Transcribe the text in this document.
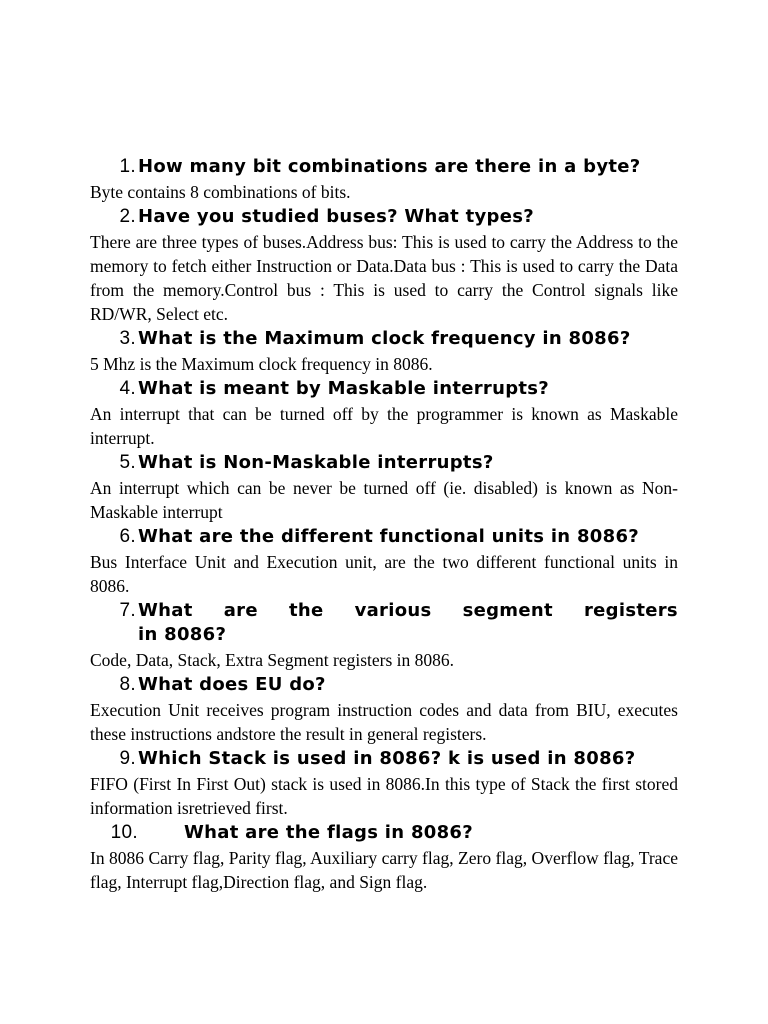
1. How many bit combinations are there in a byte?

Byte contains 8 combinations of bits.

2. Have you studied buses? What types?

There are three types of buses.Address bus: This is used to carry the Address to the memory to fetch either Instruction or Data.Data bus : This is used to carry the Data from the memory.Control bus : This is used to carry the Control signals like RD/WR, Select etc.

3. What is the Maximum clock frequency in 8086?

5 Mhz is the Maximum clock frequency in 8086.

4. What is meant by Maskable interrupts?

An interrupt that can be turned off by the programmer is known as Maskable interrupt.

5. What is Non-Maskable interrupts?

An interrupt which can be never be turned off (ie. disabled) is known as Non-Maskable interrupt

6. What are the different functional units in 8086?

Bus Interface Unit and Execution unit, are the two different functional units in 8086.

7. What are the various segment registers
in 8086?

Code, Data, Stack, Extra Segment registers in 8086.

8. What does EU do?

Execution Unit receives program instruction codes and data from BIU, executes these instructions andstore the result in general registers.

9. Which Stack is used in 8086? k is used in 8086?

FIFO (First In First Out) stack is used in 8086.In this type of Stack the first stored information isretrieved first.

10.	What are the flags in 8086?

In 8086 Carry flag, Parity flag, Auxiliary carry flag, Zero flag, Overflow flag, Trace flag, Interrupt flag,Direction flag, and Sign flag.
